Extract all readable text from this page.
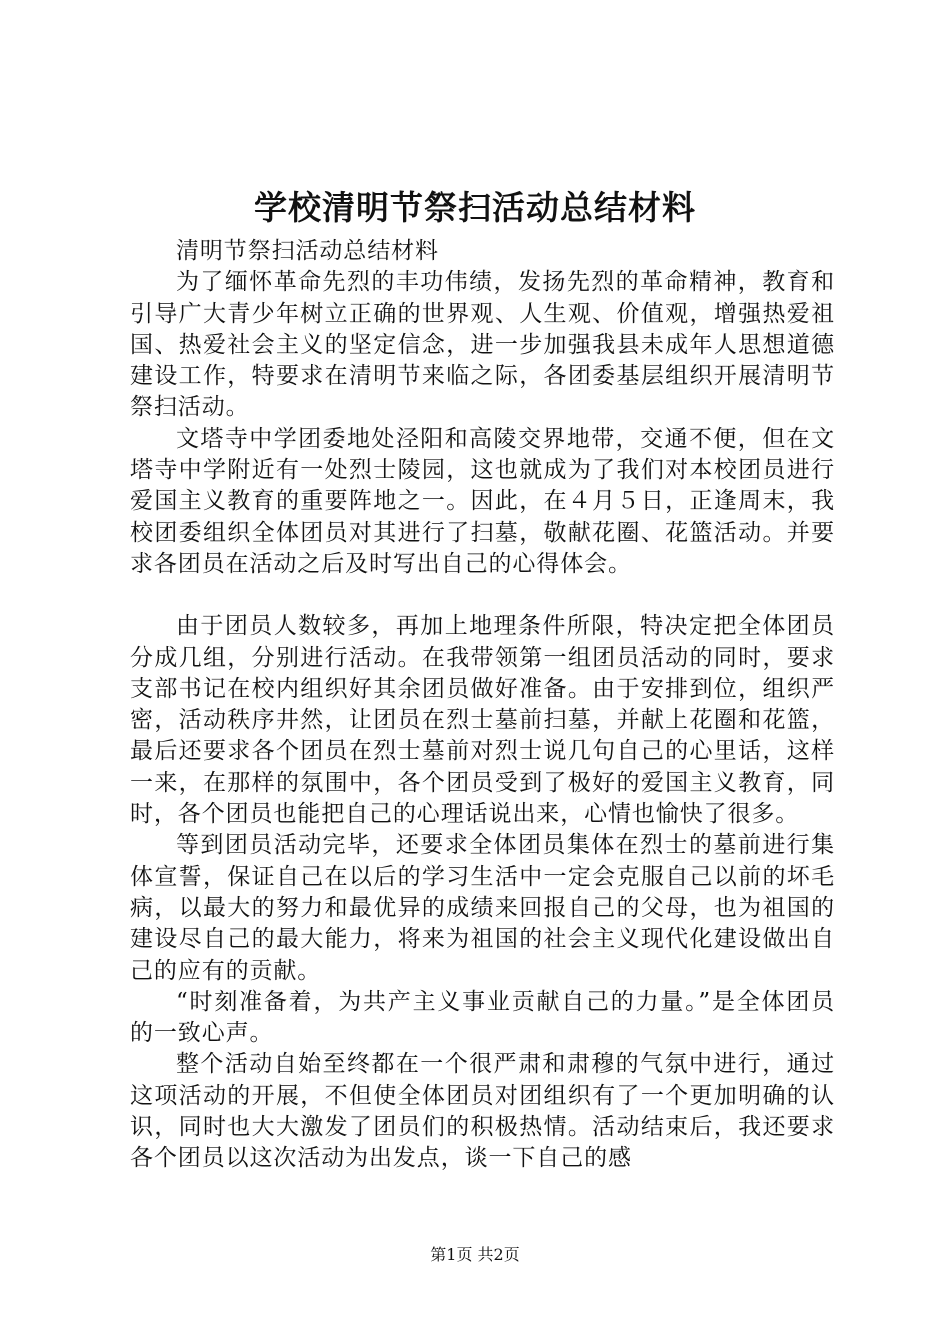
学校清明节祭扫活动总结材料

清明节祭扫活动总结材料

为了缅怀革命先烈的丰功伟绩，发扬先烈的革命精神，教育和引导广大青少年树立正确的世界观、人生观、价值观，增强热爱祖国、热爱社会主义的坚定信念，进一步加强我县未成年人思想道德建设工作，特要求在清明节来临之际，各团委基层组织开展清明节祭扫活动。

文塔寺中学团委地处泾阳和高陵交界地带，交通不便，但在文塔寺中学附近有一处烈士陵园，这也就成为了我们对本校团员进行爱国主义教育的重要阵地之一。因此，在４月５日，正逢周末，我校团委组织全体团员对其进行了扫墓，敬献花圈、花篮活动。并要求各团员在活动之后及时写出自己的心得体会。

由于团员人数较多，再加上地理条件所限，特决定把全体团员分成几组，分别进行活动。在我带领第一组团员活动的同时，要求支部书记在校内组织好其余团员做好准备。由于安排到位，组织严密，活动秩序井然，让团员在烈士墓前扫墓，并献上花圈和花篮，最后还要求各个团员在烈士墓前对烈士说几句自己的心里话，这样一来，在那样的氛围中，各个团员受到了极好的爱国主义教育，同时，各个团员也能把自己的心理话说出来，心情也愉快了很多。

等到团员活动完毕，还要求全体团员集体在烈士的墓前进行集体宣誓，保证自己在以后的学习生活中一定会克服自己以前的坏毛病，以最大的努力和最优异的成绩来回报自己的父母，也为祖国的建设尽自己的最大能力，将来为祖国的社会主义现代化建设做出自己的应有的贡献。

“时刻准备着，为共产主义事业贡献自己的力量。”是全体团员的一致心声。

整个活动自始至终都在一个很严肃和肃穆的气氛中进行，通过这项活动的开展，不但使全体团员对团组织有了一个更加明确的认识，同时也大大激发了团员们的积极热情。活动结束后，我还要求各个团员以这次活动为出发点，谈一下自己的感

第1页 共2页
